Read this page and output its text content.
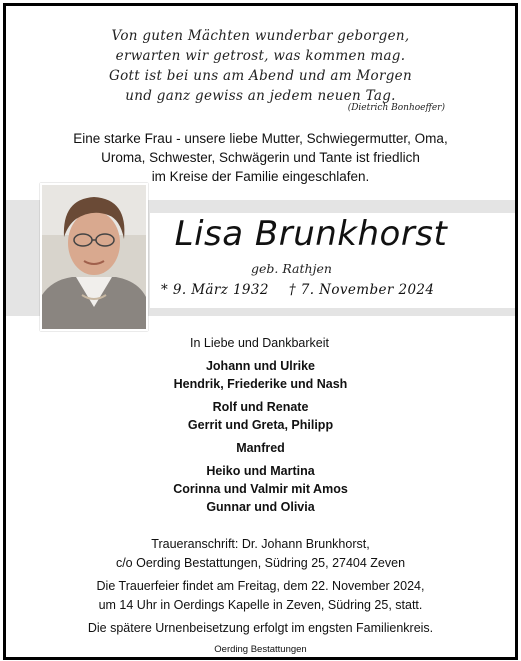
Von guten Mächten wunderbar geborgen,
erwarten wir getrost, was kommen mag.
Gott ist bei uns am Abend und am Morgen
und ganz gewiss an jedem neuen Tag.
(Dietrich Bonhoeffer)
Eine starke Frau - unsere liebe Mutter, Schwiegermutter, Oma,
Uroma, Schwester, Schwägerin und Tante ist friedlich
im Kreise der Familie eingeschlafen.
Lisa Brunkhorst
geb. Rathjen
* 9. März 1932 † 7. November 2024
In Liebe und Dankbarkeit
Johann und Ulrike
Hendrik, Friederike und Nash
Rolf und Renate
Gerrit und Greta, Philipp
Manfred
Heiko und Martina
Corinna und Valmir mit Amos
Gunnar und Olivia
Traueranschrift: Dr. Johann Brunkhorst,
c/o Oerding Bestattungen, Südring 25, 27404 Zeven
Die Trauerfeier findet am Freitag, dem 22. November 2024,
um 14 Uhr in Oerdings Kapelle in Zeven, Südring 25, statt.
Die spätere Urnenbeisetzung erfolgt im engsten Familienkreis.
Oerding Bestattungen
